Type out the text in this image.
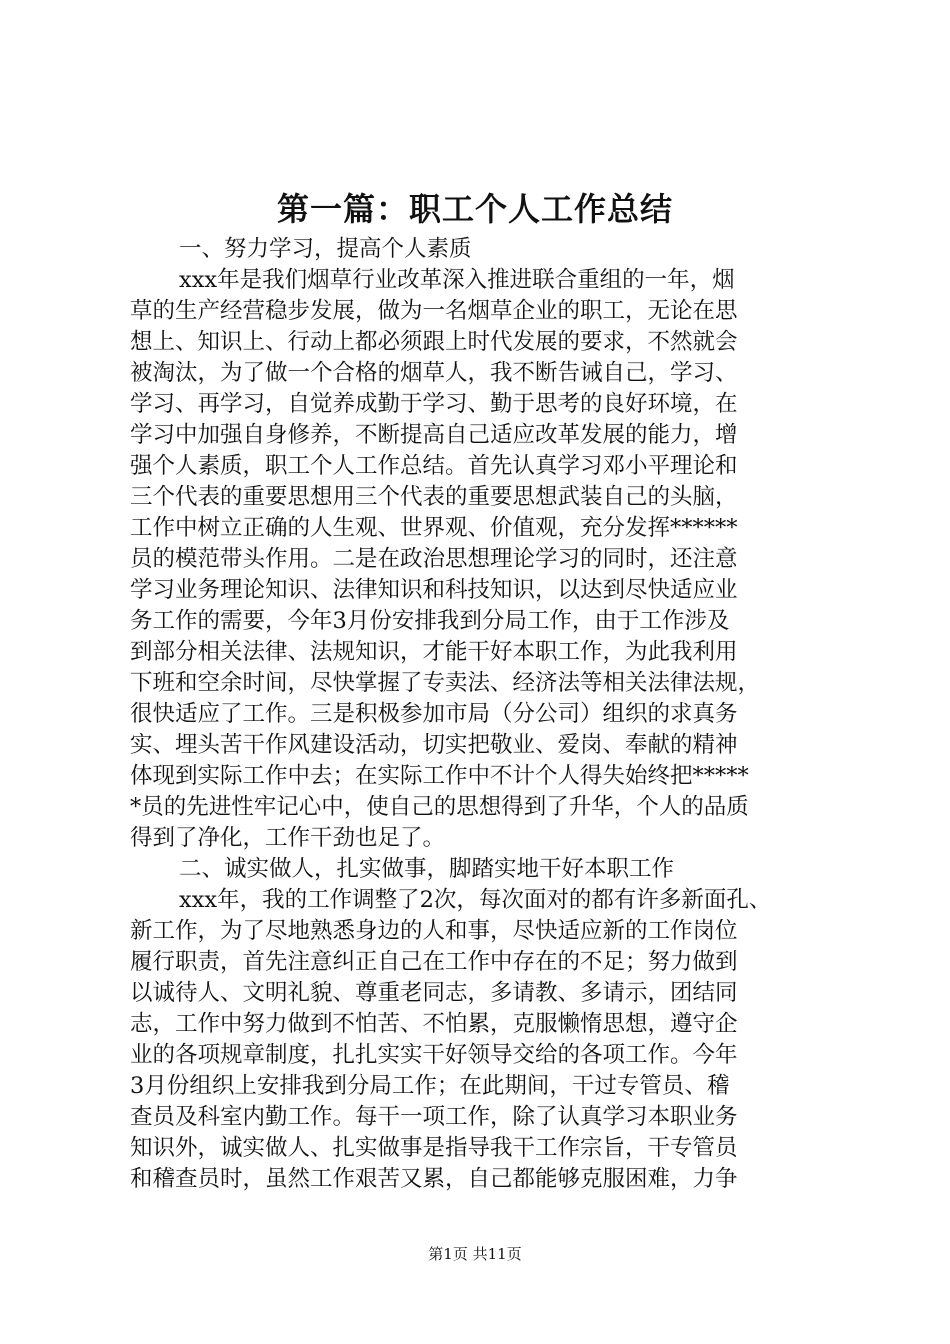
第一篇：职工个人工作总结
一、努力学习，提高个人素质
xxx年是我们烟草行业改革深入推进联合重组的一年，烟
草的生产经营稳步发展，做为一名烟草企业的职工，无论在思
想上、知识上、行动上都必须跟上时代发展的要求，不然就会
被淘汰，为了做一个合格的烟草人，我不断告诫自己，学习、
学习、再学习，自觉养成勤于学习、勤于思考的良好环境，在
学习中加强自身修养，不断提高自己适应改革发展的能力，增
强个人素质，职工个人工作总结。首先认真学习邓小平理论和
三个代表的重要思想用三个代表的重要思想武装自己的头脑，
工作中树立正确的人生观、世界观、价值观，充分发挥******
员的模范带头作用。二是在政治思想理论学习的同时，还注意
学习业务理论知识、法律知识和科技知识，以达到尽快适应业
务工作的需要，今年3月份安排我到分局工作，由于工作涉及
到部分相关法律、法规知识，才能干好本职工作，为此我利用
下班和空余时间，尽快掌握了专卖法、经济法等相关法律法规，
很快适应了工作。三是积极参加市局（分公司）组织的求真务
实、埋头苦干作风建设活动，切实把敬业、爱岗、奉献的精神
体现到实际工作中去；在实际工作中不计个人得失始终把*****
*员的先进性牢记心中，使自己的思想得到了升华，个人的品质
得到了净化，工作干劲也足了。
二、诚实做人，扎实做事，脚踏实地干好本职工作
xxx年，我的工作调整了2次，每次面对的都有许多新面孔、
新工作，为了尽地熟悉身边的人和事，尽快适应新的工作岗位
履行职责，首先注意纠正自己在工作中存在的不足；努力做到
以诚待人、文明礼貌、尊重老同志，多请教、多请示，团结同
志，工作中努力做到不怕苦、不怕累，克服懒惰思想，遵守企
业的各项规章制度，扎扎实实干好领导交给的各项工作。今年
3月份组织上安排我到分局工作；在此期间，干过专管员、稽
查员及科室内勤工作。每干一项工作，除了认真学习本职业务
知识外，诚实做人、扎实做事是指导我干工作宗旨，干专管员
和稽查员时，虽然工作艰苦又累，自己都能够克服困难，力争
第1页 共11页
